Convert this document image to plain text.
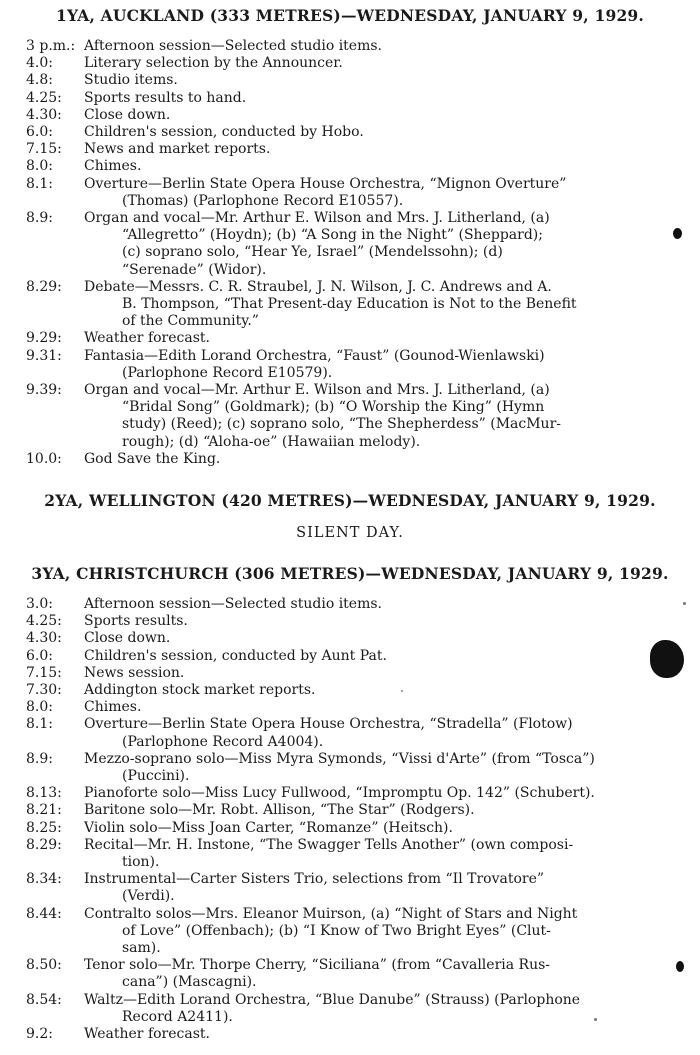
1YA, AUCKLAND (333 METRES)—WEDNESDAY, JANUARY 9, 1929.
3 p.m.: Afternoon session—Selected studio items.
4.0: Literary selection by the Announcer.
4.8: Studio items.
4.25: Sports results to hand.
4.30: Close down.
6.0: Children's session, conducted by Hobo.
7.15: News and market reports.
8.0: Chimes.
8.1: Overture—Berlin State Opera House Orchestra, “Mignon Overture”
(Thomas) (Parlophone Record E10557).
8.9: Organ and vocal—Mr. Arthur E. Wilson and Mrs. J. Litherland, (a)
“Allegretto” (Hoydn); (b) “A Song in the Night” (Sheppard);
(c) soprano solo, “Hear Ye, Israel” (Mendelssohn); (d)
“Serenade” (Widor).
8.29: Debate—Messrs. C. R. Straubel, J. N. Wilson, J. C. Andrews and A.
B. Thompson, “That Present-day Education is Not to the Benefit
of the Community.”
9.29: Weather forecast.
9.31: Fantasia—Edith Lorand Orchestra, “Faust” (Gounod-Wienlawski)
(Parlophone Record E10579).
9.39: Organ and vocal—Mr. Arthur E. Wilson and Mrs. J. Litherland, (a)
“Bridal Song” (Goldmark); (b) “O Worship the King” (Hymn
study) (Reed); (c) soprano solo, “The Shepherdess” (MacMur-
rough); (d) “Aloha-oe” (Hawaiian melody).
10.0: God Save the King.
2YA, WELLINGTON (420 METRES)—WEDNESDAY, JANUARY 9, 1929.
SILENT DAY.
3YA, CHRISTCHURCH (306 METRES)—WEDNESDAY, JANUARY 9, 1929.
3.0: Afternoon session—Selected studio items.
4.25: Sports results.
4.30: Close down.
6.0: Children's session, conducted by Aunt Pat.
7.15: News session.
7.30: Addington stock market reports.
8.0: Chimes.
8.1: Overture—Berlin State Opera House Orchestra, “Stradella” (Flotow)
(Parlophone Record A4004).
8.9: Mezzo-soprano solo—Miss Myra Symonds, “Vissi d'Arte” (from “Tosca”)
(Puccini).
8.13: Pianoforte solo—Miss Lucy Fullwood, “Impromptu Op. 142” (Schubert).
8.21: Baritone solo—Mr. Robt. Allison, “The Star” (Rodgers).
8.25: Violin solo—Miss Joan Carter, “Romanze” (Heitsch).
8.29: Recital—Mr. H. Instone, “The Swagger Tells Another” (own composi-
tion).
8.34: Instrumental—Carter Sisters Trio, selections from “Il Trovatore”
(Verdi).
8.44: Contralto solos—Mrs. Eleanor Muirson, (a) “Night of Stars and Night
of Love” (Offenbach); (b) “I Know of Two Bright Eyes” (Clut-
sam).
8.50: Tenor solo—Mr. Thorpe Cherry, “Siciliana” (from “Cavalleria Rus-
cana”) (Mascagni).
8.54: Waltz—Edith Lorand Orchestra, “Blue Danube” (Strauss) (Parlophone
Record A2411).
9.2: Weather forecast.
